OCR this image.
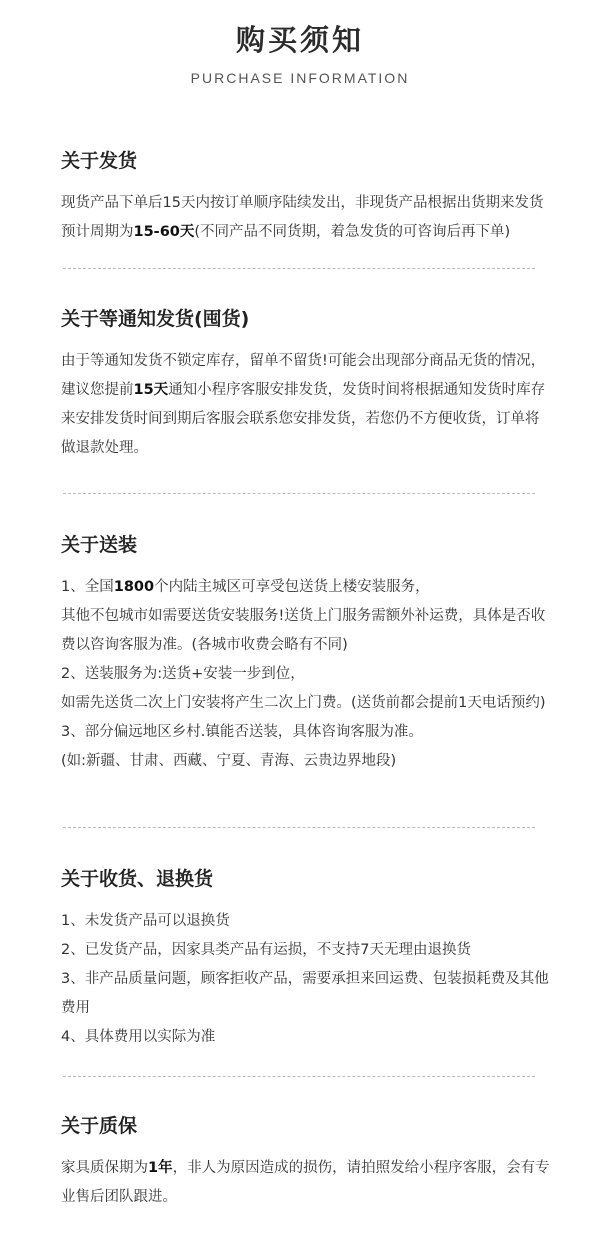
购买须知
PURCHASE INFORMATION
关于发货

现货产品下单后15天内按订单顺序陆续发出，非现货产品根据出货期来发货预计周期为15-60天(不同产品不同货期，着急发货的可咨询后再下单)

关于等通知发货(囤货)

由于等通知发货不锁定库存，留单不留货!可能会出现部分商品无货的情况，建议您提前15天通知小程序客服安排发货，发货时间将根据通知发货时库存来安排发货时间到期后客服会联系您安排发货，若您仍不方便收货，订单将做退款处理。

关于送装

1、全国1800个内陆主城区可享受包送货上楼安装服务，

其他不包城市如需要送货安装服务!送货上门服务需额外补运费，具体是否收费以咨询客服为准。(各城市收费会略有不同)

2、送装服务为:送货+安装一步到位，

如需先送货二次上门安装将产生二次上门费。(送货前都会提前1天电话预约)

3、部分偏远地区乡村.镇能否送装，具体咨询客服为准。

(如:新疆、甘肃、西藏、宁夏、青海、云贵边界地段)

关于收货、退换货

1、未发货产品可以退换货

2、已发货产品，因家具类产品有运损，不支持7天无理由退换货

3、非产品质量问题，顾客拒收产品，需要承担来回运费、包装损耗费及其他费用

4、具体费用以实际为准

关于质保

家具质保期为1年，非人为原因造成的损伤，请拍照发给小程序客服，会有专业售后团队跟进。
